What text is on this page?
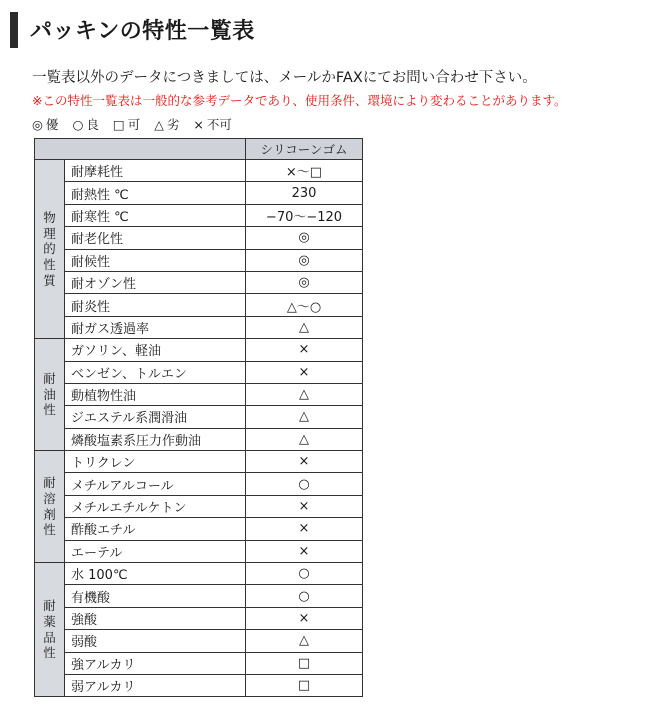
パッキンの特性一覧表
一覧表以外のデータにつきましては、メールかFAXにてお問い合わせ下さい。
※この特性一覧表は一般的な参考データであり、使用条件、環境により変わることがあります。
◎ 優 ○ 良 □ 可 △ 劣 × 不可
		シリコーンゴム
物理的性質	耐摩耗性	×〜□
	耐熱性 ℃	230
	耐寒性 ℃	−70〜−120
	耐老化性	◎
	耐候性	◎
	耐オゾン性	◎
	耐炎性	△〜○
	耐ガス透過率	△
耐油性	ガソリン、軽油	×
	ベンゼン、トルエン	×
	動植物性油	△
	ジエステル系潤滑油	△
	燐酸塩素系圧力作動油	△
耐溶剤性	トリクレン	×
	メチルアルコール	○
	メチルエチルケトン	×
	酢酸エチル	×
	エーテル	×
耐薬品性	水 100℃	○
	有機酸	○
	強酸	×
	弱酸	△
	強アルカリ	□
	弱アルカリ	□
